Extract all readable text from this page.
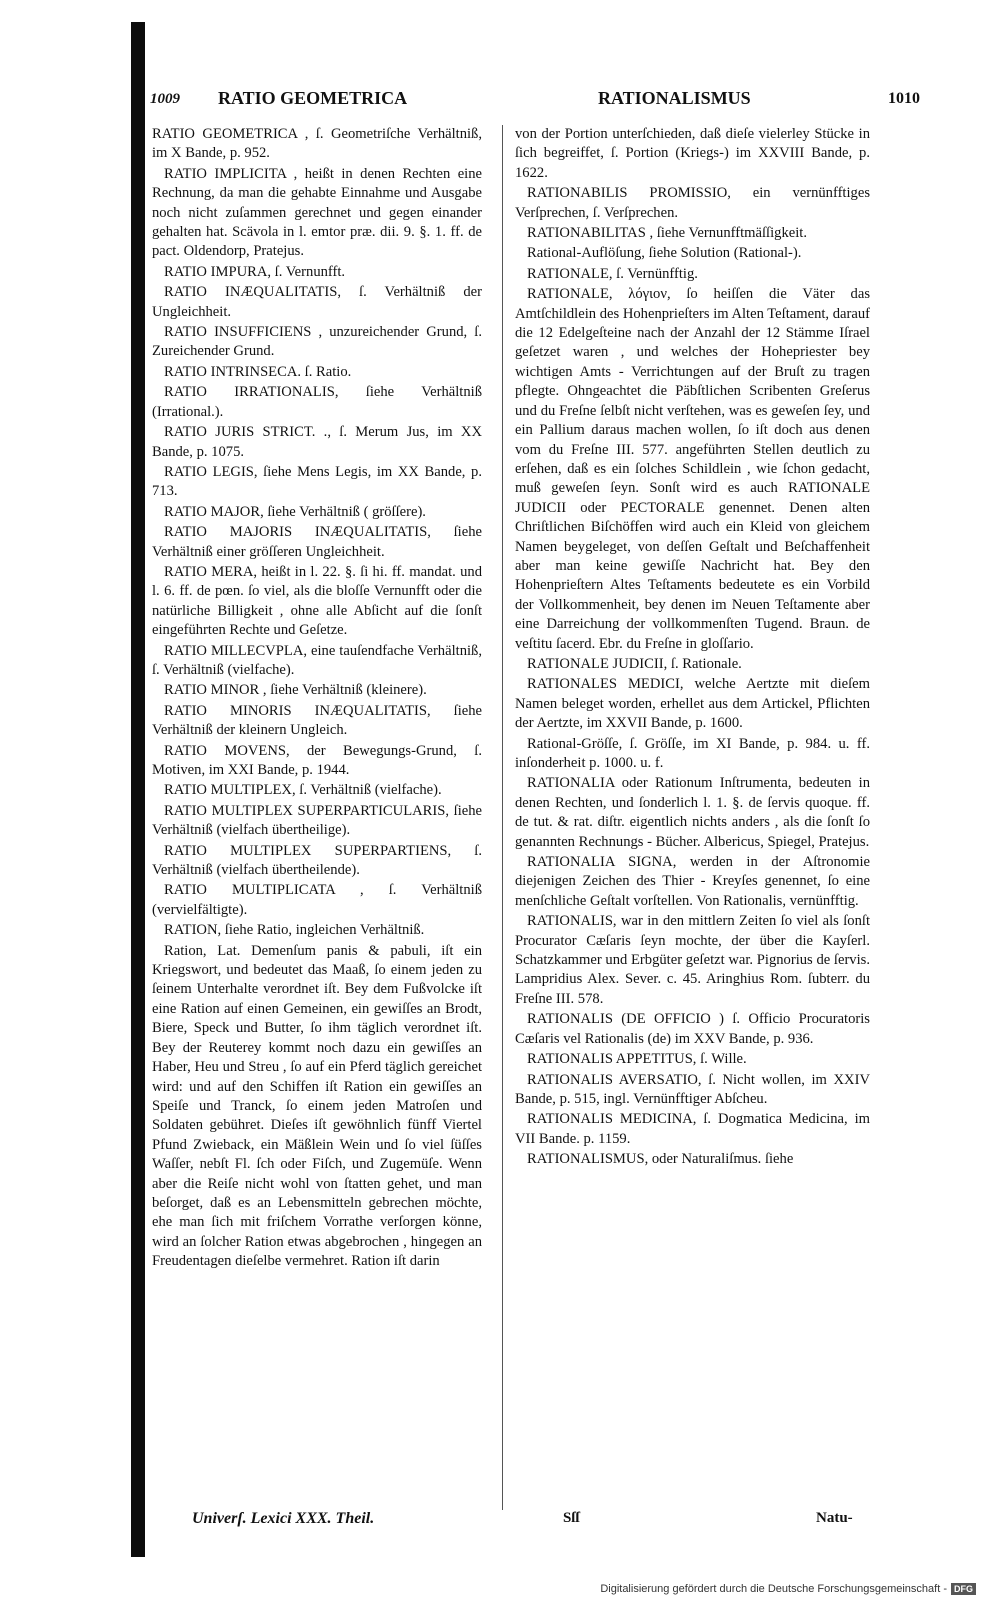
1009 RATIO GEOMETRICA	RATIONALISMUS	1010

RATIO GEOMETRICA , ſ. Geometriſche Verhältniß, im X Bande, p. 952.

RATIO IMPLICITA , heißt in denen Rechten eine Rechnung, da man die gehabte Einnahme und Ausgabe noch nicht zuſammen gerechnet und gegen einander gehalten hat. Scävola in l. emtor præ. dii. 9. §. 1. ff. de pact. Oldendorp, Pratejus.

RATIO IMPURA, ſ. Vernunfft.

RATIO INÆQUALITATIS, ſ. Verhältniß der Ungleichheit.

RATIO INSUFFICIENS , unzureichender Grund, ſ. Zureichender Grund.

RATIO INTRINSECA. ſ. Ratio.

RATIO IRRATIONALIS, ſiehe Verhältniß (Irrational.).

RATIO JURIS STRICT. ., ſ. Merum Jus, im XX Bande, p. 1075.

RATIO LEGIS, ſiehe Mens Legis, im XX Bande, p. 713.

RATIO MAJOR, ſiehe Verhältniß ( gröſſere).

RATIO MAJORIS INÆQUALITATIS, ſiehe Verhältniß einer gröſſeren Ungleichheit.

RATIO MERA, heißt in l. 22. §. ſi hi. ff. mandat. und l. 6. ff. de pœn. ſo viel, als die bloſſe Vernunfft oder die natürliche Billigkeit , ohne alle Abſicht auf die ſonſt eingeführten Rechte und Geſetze.

RATIO MILLECVPLA, eine tauſendfache Verhältniß, ſ. Verhältniß (vielfache).

RATIO MINOR , ſiehe Verhältniß (kleinere).

RATIO MINORIS INÆQUALITATIS, ſiehe Verhältniß der kleinern Ungleich.

RATIO MOVENS, der Bewegungs-Grund, ſ. Motiven, im XXI Bande, p. 1944.

RATIO MULTIPLEX, ſ. Verhältniß (vielfache).

RATIO MULTIPLEX SUPERPARTICULARIS, ſiehe Verhältniß (vielfach übertheilige).

RATIO MULTIPLEX SUPERPARTIENS, ſ. Verhältniß (vielfach übertheilende).

RATIO MULTIPLICATA , ſ. Verhältniß (vervielfältigte).

RATION, ſiehe Ratio, ingleichen Verhältniß.

Ration, Lat. Demenſum panis & pabuli, iſt ein Kriegswort, und bedeutet das Maaß, ſo einem jeden zu ſeinem Unterhalte verordnet iſt. Bey dem Fußvolcke iſt eine Ration auf einen Gemeinen, ein gewiſſes an Brodt, Biere, Speck und Butter, ſo ihm täglich verordnet iſt. Bey der Reuterey kommt noch dazu ein gewiſſes an Haber, Heu und Streu , ſo auf ein Pferd täglich gereichet wird: und auf den Schiffen iſt Ration ein gewiſſes an Speiſe und Tranck, ſo einem jeden Matroſen und Soldaten gebühret. Dieſes iſt gewöhnlich fünff Viertel Pfund Zwieback, ein Mäßlein Wein und ſo viel ſüſſes Waſſer, nebſt Fl. ſch oder Fiſch, und Zugemüſe. Wenn aber die Reiſe nicht wohl von ſtatten gehet, und man beſorget, daß es an Lebensmitteln gebrechen möchte, ehe man ſich mit friſchem Vorrathe verſorgen könne, wird an ſolcher Ration etwas abgebrochen , hingegen an Freudentagen dieſelbe vermehret. Ration iſt darin

von der Portion unterſchieden, daß dieſe vielerley Stücke in ſich begreiffet, ſ. Portion (Kriegs-) im XXVIII Bande, p. 1622.

RATIONABILIS PROMISSIO, ein vernünfftiges Verſprechen, ſ. Verſprechen.

RATIONABILITAS , ſiehe Vernunfftmäſſigkeit.

Rational-Auflöſung, ſiehe Solution (Rational-).

RATIONALE, ſ. Vernünfftig.

RATIONALE, λόγιον, ſo heiſſen die Väter das Amtſchildlein des Hohenprieſters im Alten Teſtament, darauf die 12 Edelgeſteine nach der Anzahl der 12 Stämme Iſrael geſetzet waren , und welches der Hohepriester bey wichtigen Amts - Verrichtungen auf der Bruſt zu tragen pflegte. Ohngeachtet die Päbſtlichen Scribenten Greſerus und du Freſne ſelbſt nicht verſtehen, was es geweſen ſey, und ein Pallium daraus machen wollen, ſo iſt doch aus denen vom du Freſne III. 577. angeführten Stellen deutlich zu erſehen, daß es ein ſolches Schildlein , wie ſchon gedacht, muß geweſen ſeyn. Sonſt wird es auch RATIONALE JUDICII oder PECTORALE genennet. Denen alten Chriſtlichen Biſchöffen wird auch ein Kleid von gleichem Namen beygeleget, von deſſen Geſtalt und Beſchaffenheit aber man keine gewiſſe Nachricht hat. Bey den Hohenprieſtern Altes Teſtaments bedeutete es ein Vorbild der Vollkommenheit, bey denen im Neuen Teſtamente aber eine Darreichung der vollkommenſten Tugend. Braun. de veſtitu ſacerd. Ebr. du Freſne in gloſſario.

RATIONALE JUDICII, ſ. Rationale.

RATIONALES MEDICI, welche Aertzte mit dieſem Namen beleget worden, erhellet aus dem Artickel, Pflichten der Aertzte, im XXVII Bande, p. 1600.

Rational-Gröſſe, ſ. Gröſſe, im XI Bande, p. 984. u. ff. inſonderheit p. 1000. u. f.

RATIONALIA oder Rationum Inſtrumenta, bedeuten in denen Rechten, und ſonderlich l. 1. §. de ſervis quoque. ff. de tut. & rat. diſtr. eigentlich nichts anders , als die ſonſt ſo genannten Rechnungs - Bücher. Albericus, Spiegel, Pratejus.

RATIONALIA SIGNA, werden in der Aſtronomie diejenigen Zeichen des Thier - Kreyſes genennet, ſo eine menſchliche Geſtalt vorſtellen. Von Rationalis, vernünfftig.

RATIONALIS, war in den mittlern Zeiten ſo viel als ſonſt Procurator Cæſaris ſeyn mochte, der über die Kayſerl. Schatzkammer und Erbgüter geſetzt war. Pignorius de ſervis. Lampridius Alex. Sever. c. 45. Aringhius Rom. ſubterr. du Freſne III. 578.

RATIONALIS (DE OFFICIO ) ſ. Officio Procuratoris Cæſaris vel Rationalis (de) im XXV Bande, p. 936.

RATIONALIS APPETITUS, ſ. Wille.

RATIONALIS AVERSATIO, ſ. Nicht wollen, im XXIV Bande, p. 515, ingl. Vernünfftiger Abſcheu.

RATIONALIS MEDICINA, ſ. Dogmatica Medicina, im VII Bande. p. 1159.

RATIONALISMUS, oder Naturaliſmus. ſiehe

Univerſ. Lexici XXX. Theil.	Sſſ	Natu-
Digitalisierung gefördert durch die Deutsche Forschungsgemeinschaft - DFG
